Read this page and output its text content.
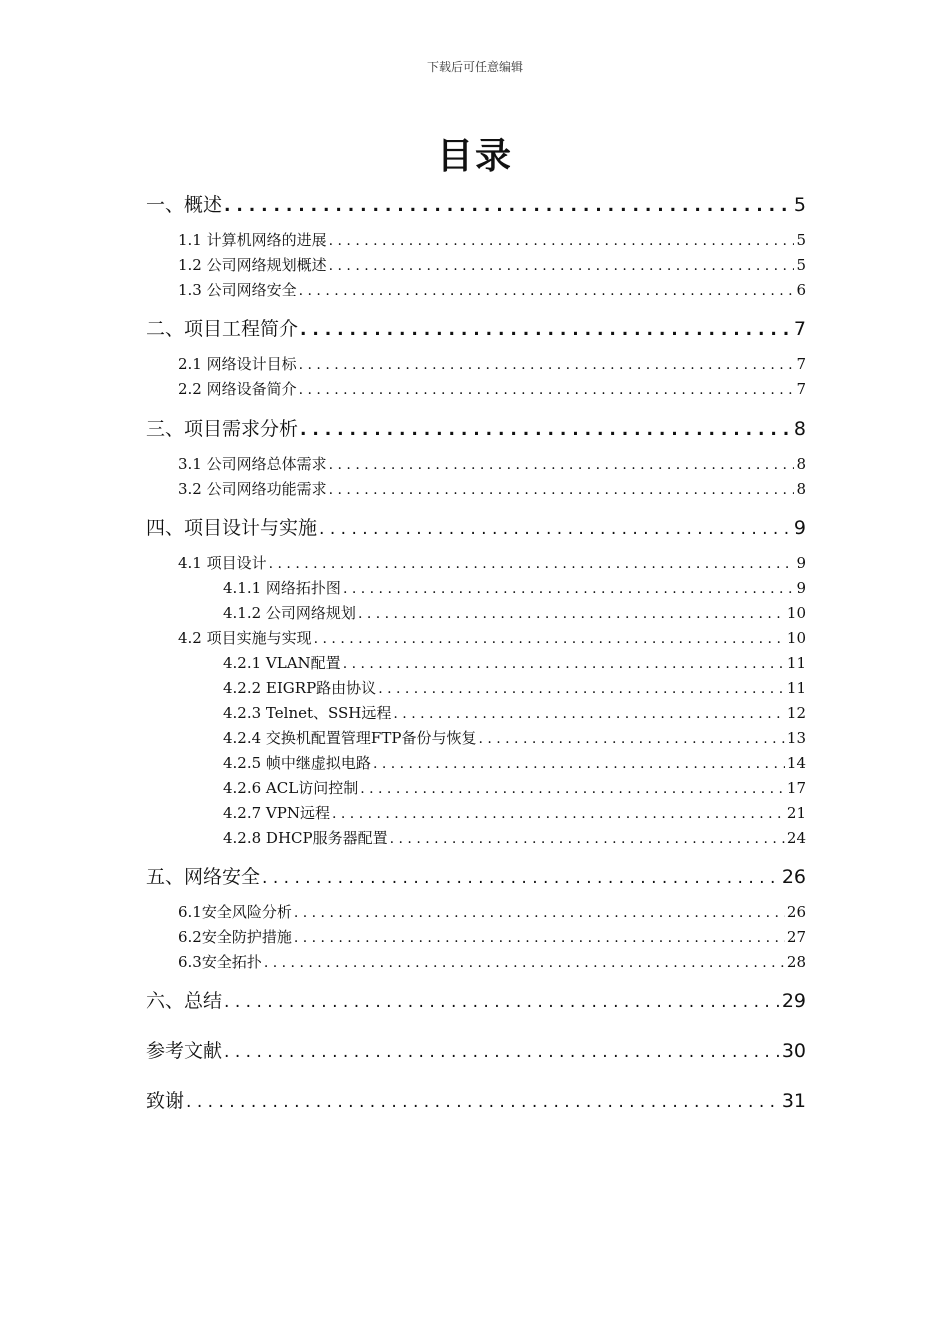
下载后可任意编辑
目录
一、概述 . . .	5
1.1 计算机网络的进展 . . .	5
1.2 公司网络规划概述 . . .	5
1.3 公司网络安全 . . .	6
二、项目工程简介 . . .	7
2.1 网络设计目标 . . .	7
2.2 网络设备简介 . . .	7
三、项目需求分析 . . .	8
3.1 公司网络总体需求 . . .	8
3.2 公司网络功能需求 . . .	8
四、项目设计与实施 . . .	9
4.1 项目设计 . . .	9
4.1.1 网络拓扑图 . . .	9
4.1.2 公司网络规划 . . .	10
4.2 项目实施与实现 . . .	10
4.2.1 VLAN配置 . . .	11
4.2.2 EIGRP路由协议 . . .	11
4.2.3 Telnet、SSH远程 . . .	12
4.2.4 交换机配置管理FTP备份与恢复 . . .	13
4.2.5 帧中继虚拟电路 . . .	14
4.2.6 ACL访问控制 . . .	17
4.2.7 VPN远程 . . .	21
4.2.8 DHCP服务器配置 . . .	24
五、网络安全 . . .	26
6.1安全风险分析 . . .	26
6.2安全防护措施 . . .	27
6.3安全拓扑 . . .	28
六、总结 . . .	29
参考文献 . . .	30
致谢 . . .	31
